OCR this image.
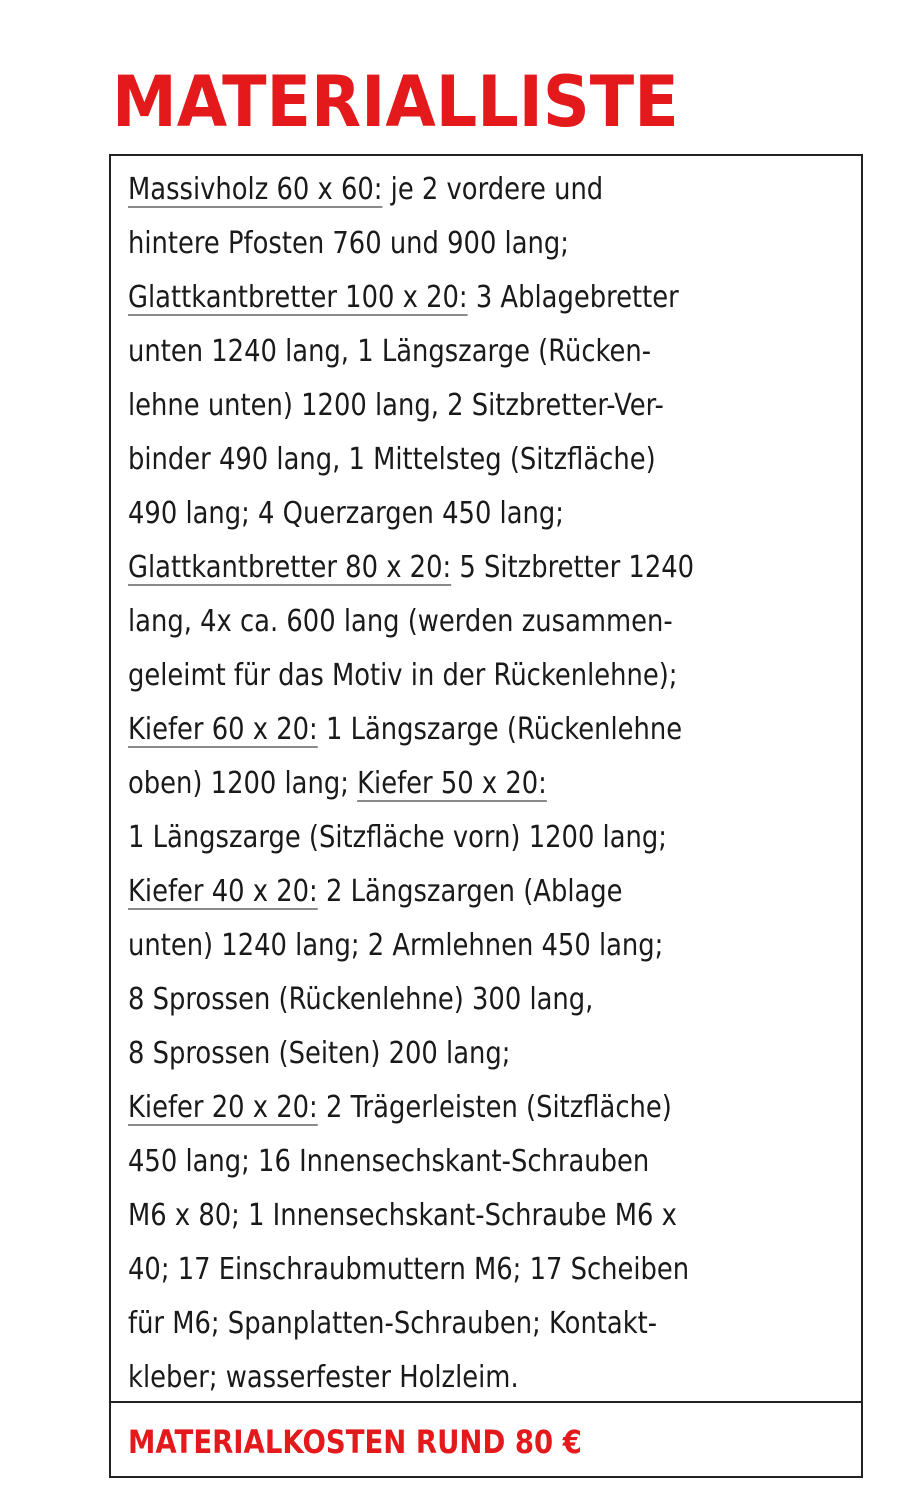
MATERIALLISTE
Massivholz 60 x 60: je 2 vordere und
hintere Pfosten 760 und 900 lang;
Glattkantbretter 100 x 20: 3 Ablagebretter
unten 1240 lang, 1 Längszarge (Rücken-
lehne unten) 1200 lang, 2 Sitzbretter-Ver-
binder 490 lang, 1 Mittelsteg (Sitzfläche)
490 lang; 4 Querzargen 450 lang;
Glattkantbretter 80 x 20: 5 Sitzbretter 1240
lang, 4x ca. 600 lang (werden zusammen-
geleimt für das Motiv in der Rückenlehne);
Kiefer 60 x 20: 1 Längszarge (Rückenlehne
oben) 1200 lang; Kiefer 50 x 20:
1 Längszarge (Sitzfläche vorn) 1200 lang;
Kiefer 40 x 20: 2 Längszargen (Ablage
unten) 1240 lang; 2 Armlehnen 450 lang;
8 Sprossen (Rückenlehne) 300 lang,
8 Sprossen (Seiten) 200 lang;
Kiefer 20 x 20: 2 Trägerleisten (Sitzfläche)
450 lang; 16 Innensechskant-Schrauben
M6 x 80; 1 Innensechskant-Schraube M6 x
40; 17 Einschraubmuttern M6; 17 Scheiben
für M6; Spanplatten-Schrauben; Kontakt-
kleber; wasserfester Holzleim.
MATERIALKOSTEN RUND 80 €
